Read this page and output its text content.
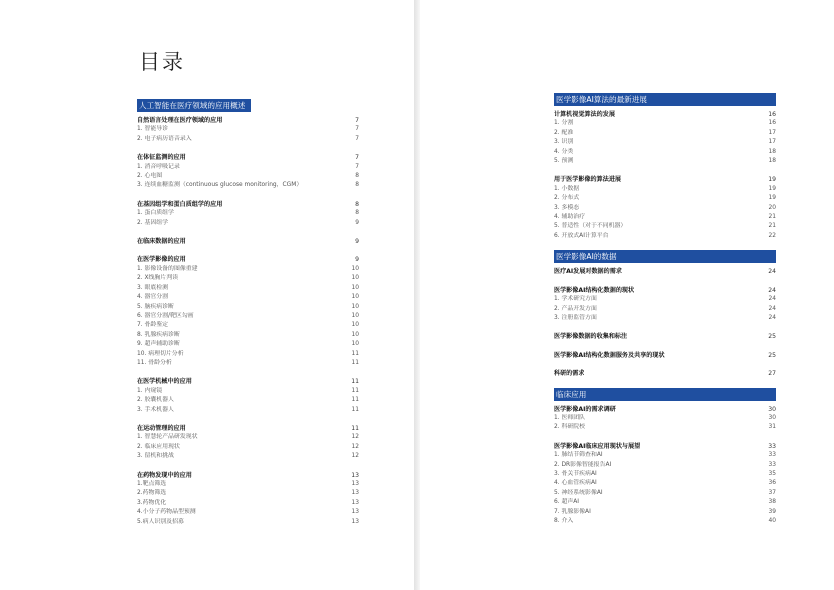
目录
人工智能在医疗领域的应用概述
自然语言处理在医疗领域的应用	7
1. 智能导诊	7
2. 电子病历语音录入	7
在体征监测的应用	7
1. 消音呼吸记录	7
2. 心电图	8
3. 连续血糖监测（continuous glucose monitoring，CGM）	8
在基因组学和蛋白质组学的应用	8
1. 蛋白质组学	8
2. 基因组学	9
在临床数据的应用	9
在医学影像的应用	9
1. 影像设备的图像重建	10
2. X线胸片判读	10
3. 眼底检测	10
4. 器官分割	10
5. 脑疾病诊断	10
6. 器官分割/靶区勾画	10
7. 骨龄鉴定	10
8. 乳腺疾病诊断	10
9. 超声辅助诊断	10
10. 病理切片分析	11
11. 骨龄分析	11
在医学机械中的应用	11
1. 内窥镜	11
2. 胶囊机器人	11
3. 手术机器人	11
在运动管理的应用	11
1. 智慧轮产品研发现状	12
2. 临床应用现状	12
3. 留机和挑战	12
在药物发现中的应用	13
1.靶点筛选	13
2.药物筛选	13
3.药物优化	13
4.小分子药物晶型预测	13
5.病人识别及招募	13
医学影像AI算法的最新进展
计算机视觉算法的发展	16
1. 分割	16
2. 配准	17
3. 识别	17
4. 分类	18
5. 预测	18
用于医学影像的算法进展	19
1. 小数据	19
2. 分布式	19
3. 多模态	20
4. 辅助治疗	21
5. 普适性（对于不同机器）	21
6. 开放式AI计算平台	22
医学影像AI的数据
医疗AI发展对数据的需求	24
医学影像AI结构化数据的现状	24
1. 学术研究方面	24
2. 产品开发方面	24
3. 注册监管方面	24
医学影像数据的收集和标注	25
医学影像AI结构化数据服务及共享的现状	25
科研的需求	27
临床应用
医学影像AI的需求调研	30
1. 医师团队	30
2. 科研院校	31
医学影像AI临床应用现状与展望	33
1. 肺结节筛查和AI	33
2. DR影像智能报告AI	33
3. 骨关节疾病AI	35
4. 心血管疾病AI	36
5. 神经系统影像AI	37
6. 超声AI	38
7. 乳腺影像AI	39
8. 介入	40
